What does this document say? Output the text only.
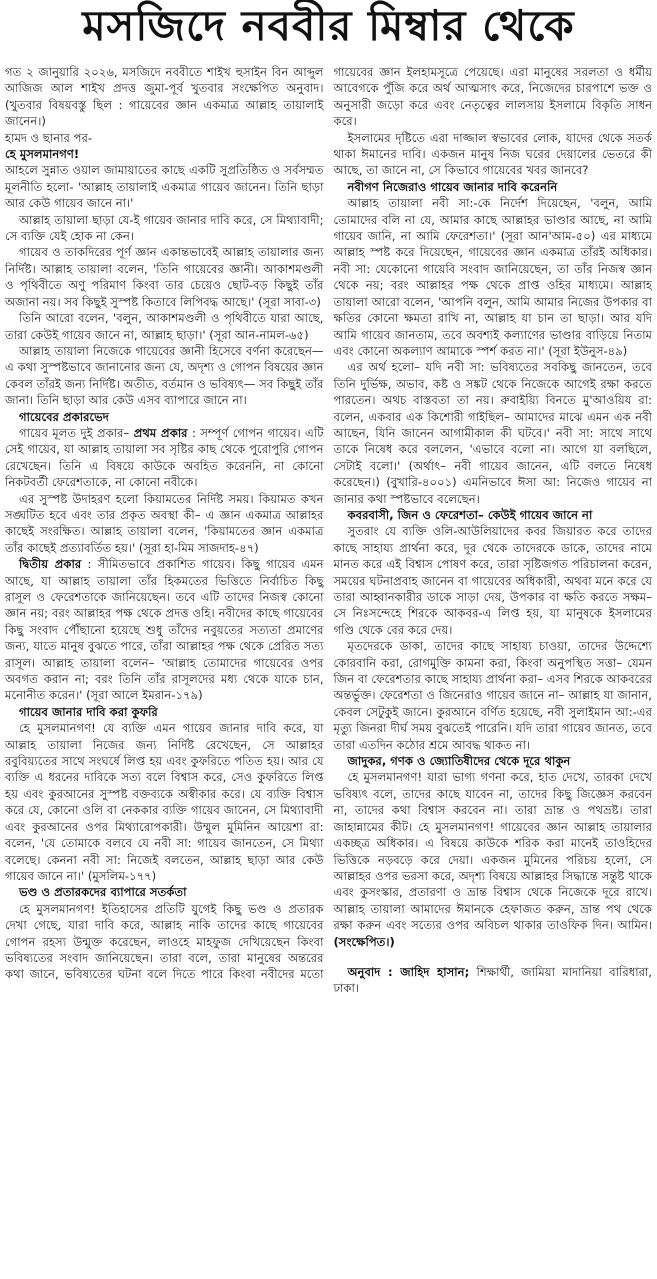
মসজিদে নববীর মিম্বার থেকে

গত ২ জানুয়ারি ২০২৬, মসজিদে নববীতে শাইখ হুসাইন বিন আব্দুল আজিজ আল শাইখ প্রদত্ত জুমা-পূর্ব খুতবার সংক্ষেপিত অনুবাদ। (খুতবার বিষয়বস্তু ছিল : গায়েবের জ্ঞান একমাত্র আল্লাহ তায়ালাই জানেন।)

হামদ ও ছানার পর-

হে মুসলমানগণ!

আহলে সুন্নাত ওয়াল জামায়াতের কাছে একটি সুপ্রতিষ্ঠিত ও সর্বসম্মত মূলনীতি হলো- 'আল্লাহ তায়ালাই একমাত্র গায়েব জানেন। তিনি ছাড়া আর কেউ গায়েব জানে না।'

আল্লাহ তায়ালা ছাড়া যে-ই গায়েব জানার দাবি করে, সে মিথ্যাবাদী; সে ব্যক্তি যেই হোক না কেন।

গায়েব ও তাকদিরের পূর্ণ জ্ঞান একান্তভাবেই আল্লাহ তায়ালার জন্য নির্দিষ্ট। আল্লাহ তায়ালা বলেন, 'তিনি গায়েবের জ্ঞানী। আকাশমণ্ডলী ও পৃথিবীতে অণু পরিমাণ কিংবা তার চেয়েও ছোট-বড় কিছুই তাঁর অজানা নয়। সব কিছুই সুস্পষ্ট কিতাবে লিপিবদ্ধ আছে।' (সূরা সাবা-৩)

তিনি আরো বলেন, 'বলুন, আকাশমণ্ডলী ও পৃথিবীতে যারা আছে, তারা কেউই গায়েব জানে না, আল্লাহ ছাড়া।' (সূরা আন-নামল-৬৫)

আল্লাহ তায়ালা নিজেকে গায়েবের জ্ঞানী হিসেবে বর্ণনা করেছেন— এ কথা সুস্পষ্টভাবে জানানোর জন্য যে, অদৃশ্য ও গোপন বিষয়ের জ্ঞান কেবল তাঁরই জন্য নির্দিষ্ট। অতীত, বর্তমান ও ভবিষ্যৎ— সব কিছুই তাঁর জানা। তিনি ছাড়া আর কেউ এসব ব্যাপারে জানে না।

গায়েবের প্রকারভেদ

গায়েব মূলত দুই প্রকার– প্রথম প্রকার : সম্পূর্ণ গোপন গায়েব। এটি সেই গায়েব, যা আল্লাহ তায়ালা সব সৃষ্টির কাছ থেকে পুরোপুরি গোপন রেখেছেন। তিনি এ বিষয়ে কাউকে অবহিত করেননি, না কোনো নিকটবর্তী ফেরেশতাকে, না কোনো নবীকে।

এর সুস্পষ্ট উদাহরণ হলো কিয়ামতের নির্দিষ্ট সময়। কিয়ামত কখন সঙ্ঘটিত হবে এবং তার প্রকৃত অবস্থা কী– এ জ্ঞান একমাত্র আল্লাহর কাছেই সংরক্ষিত। আল্লাহ তায়ালা বলেন, 'কিয়ামতের জ্ঞান একমাত্র তাঁর কাছেই প্রত্যাবর্তিত হয়।' (সূরা হা-মিম সাজদাহ-৪৭)

দ্বিতীয় প্রকার : সীমিতভাবে প্রকাশিত গায়েব। কিছু গায়েব এমন আছে, যা আল্লাহ তায়ালা তাঁর হিকমতের ভিত্তিতে নির্বাচিত কিছু রাসূল ও ফেরেশতাকে জানিয়েছেন। তবে এটি তাদের নিজস্ব কোনো জ্ঞান নয়; বরং আল্লাহর পক্ষ থেকে প্রদত্ত ওহি। নবীদের কাছে গায়েবের কিছু সংবাদ পৌঁছানো হয়েছে শুধু তাঁদের নবুয়তের সত্যতা প্রমাণের জন্য, যাতে মানুষ বুঝতে পারে, তাঁরা আল্লাহর পক্ষ থেকে প্রেরিত সত্য রাসূল। আল্লাহ তায়ালা বলেন– 'আল্লাহ তোমাদের গায়েবের ওপর অবগত করান না; বরং তিনি তাঁর রাসূলদের মধ্য থেকে যাকে চান, মনোনীত করেন।' (সূরা আলে ইমরান-১৭৯)

গায়েব জানার দাবি করা কুফরি

হে মুসলমানগণ! যে ব্যক্তি এমন গায়েব জানার দাবি করে, যা আল্লাহ তায়ালা নিজের জন্য নির্দিষ্ট রেখেছেন, সে আল্লাহর রবুবিয়্যতের সাথে সংঘর্ষে লিপ্ত হয় এবং কুফরিতে পতিত হয়। আর যে ব্যক্তি এ ধরনের দাবিকে সত্য বলে বিশ্বাস করে, সেও কুফরিতে লিপ্ত হয় এবং কুরআনের সুস্পষ্ট বক্তব্যকে অস্বীকার করে। যে ব্যক্তি বিশ্বাস করে যে, কোনো ওলি বা নেককার ব্যক্তি গায়েব জানেন, সে মিথ্যাবাদী এবং কুরআনের ওপর মিথ্যারোপকারী। উম্মুল মুমিনিন আয়েশা রা: বলেন, 'যে তোমাকে বলবে যে নবী সা: গায়েব জানতেন, সে মিথ্যা বলেছে। কেননা নবী সা: নিজেই বলতেন, আল্লাহ ছাড়া আর কেউ গায়েব জানে না।' (মুসলিম-১৭৭)

ভণ্ড ও প্রতারকদের ব্যাপারে সতর্কতা

হে মুসলমানগণ! ইতিহাসের প্রতিটি যুগেই কিছু ভণ্ড ও প্রতারক দেখা গেছে, যারা দাবি করে, আল্লাহ নাকি তাদের কাছে গায়েবের গোপন রহস্য উন্মুক্ত করেছেন, লাওহে মাহফুজ দেখিয়েছেন কিংবা ভবিষ্যতের সংবাদ জানিয়েছেন। তারা বলে, তারা মানুষের অন্তরের কথা জানে, ভবিষ্যতের ঘটনা বলে দিতে পারে কিংবা নবীদের মতো গায়েবের জ্ঞান ইলহামসূত্রে পেয়েছে। এরা মানুষের সরলতা ও ধর্মীয় আবেগকে পুঁজি করে অর্থ আত্মসাৎ করে, নিজেদের চারপাশে ভক্ত ও অনুসারী জড়ো করে এবং নেতৃত্বের লালসায় ইসলামে বিকৃতি সাধন করে।

ইসলামের দৃষ্টিতে এরা দাজ্জাল স্বভাবের লোক, যাদের থেকে সতর্ক থাকা ঈমানের দাবি। একজন মানুষ নিজ ঘরের দেয়ালের ভেতরে কী আছে, তা জানে না, সে কিভাবে গায়েবের খবর জানবে?

নবীগণ নিজেরাও গায়েব জানার দাবি করেননি

আল্লাহ তায়ালা নবী সা:-কে নির্দেশ দিয়েছেন, 'বলুন, আমি তোমাদের বলি না যে, আমার কাছে আল্লাহর ভাণ্ডার আছে, না আমি গায়েব জানি, না আমি ফেরেশতা।' (সূরা আন'আম-৫০) এর মাধ্যমে আল্লাহ স্পষ্ট করে দিয়েছেন, গায়েবের জ্ঞান একমাত্র তাঁরই অধিকার। নবী সা: যেকোনো গায়েবি সংবাদ জানিয়েছেন, তা তাঁর নিজস্ব জ্ঞান থেকে নয়; বরং আল্লাহর পক্ষ থেকে প্রাপ্ত ওহির মাধ্যমে। আল্লাহ তায়ালা আরো বলেন, 'আপনি বলুন, আমি আমার নিজের উপকার বা ক্ষতির কোনো ক্ষমতা রাখি না, আল্লাহ যা চান তা ছাড়া। আর যদি আমি গায়েব জানতাম, তবে অবশ্যই কল্যাণের ভাণ্ডার বাড়িয়ে নিতাম এবং কোনো অকল্যাণ আমাকে স্পর্শ করত না।' (সূরা ইউনুস-৪৯)

এর অর্থ হলো– যদি নবী সা: ভবিষ্যতের সবকিছু জানতেন, তবে তিনি দুর্ভিক্ষ, অভাব, কষ্ট ও সঙ্কট থেকে নিজেকে আগেই রক্ষা করতে পারতেন। অথচ বাস্তবতা তা নয়। রুবাইয়্যি বিনতে মু'আওয়িয রা: বলেন, একবার এক কিশোরী গাইছিল– আমাদের মাঝে এমন এক নবী আছেন, যিনি জানেন আগামীকাল কী ঘটবে।' নবী সা: সাথে সাথে তাকে নিষেধ করে বললেন, 'এভাবে বলো না। আগে যা বলছিলে, সেটাই বলো।' (অর্থাৎ– নবী গায়েব জানেন, এটি বলতে নিষেধ করেছেন।) (বুখারি-৪০০১) এমনিভাবে ঈসা আ: নিজেও গায়েব না জানার কথা স্পষ্টভাবে বলেছেন।

কবরবাসী, জিন ও ফেরেশতা– কেউই গায়েব জানে না

সুতরাং যে ব্যক্তি ওলি-আউলিয়াদের কবর জিয়ারত করে তাদের কাছে সাহায্য প্রার্থনা করে, দূর থেকে তাদেরকে ডাকে, তাদের নামে মানত করে এই বিশ্বাস পোষণ করে, তারা সৃষ্টিজগত পরিচালনা করেন, সময়ের ঘটনাপ্রবাহ জানেন বা গায়েবের অধিকারী, অথবা মনে করে যে তারা আহ্বানকারীর ডাকে সাড়া দেয়, উপকার বা ক্ষতি করতে সক্ষম– সে নিঃসন্দেহে শিরকে আকবর-এ লিপ্ত হয়, যা মানুষকে ইসলামের গণ্ডি থেকে বের করে দেয়।

মৃতদেরকে ডাকা, তাদের কাছে সাহায্য চাওয়া, তাদের উদ্দেশ্যে কোরবানি করা, রোগমুক্তি কামনা করা, কিংবা অনুপস্থিত সত্তা– যেমন জিন বা ফেরেশতার কাছে সাহায্য প্রার্থনা করা– এসব শিরকে আকবরের অন্তর্ভুক্ত। ফেরেশতা ও জিনেরাও গায়েব জানে না– আল্লাহ যা জানান, কেবল সেটুকুই জানে। কুরআনে বর্ণিত হয়েছে, নবী সুলাইমান আ:-এর মৃত্যু জিনরা দীর্ঘ সময় বুঝতেই পারেনি। যদি তারা গায়েব জানত, তবে তারা এতদিন কঠোর শ্রমে আবদ্ধ থাকত না।

জাদুকর, গণক ও জ্যোতিষীদের থেকে দূরে থাকুন

হে মুসলমানগণ! যারা ভাগ্য গণনা করে, হাত দেখে, তারকা দেখে ভবিষ্যৎ বলে, তাদের কাছে যাবেন না, তাদের কিছু জিজ্ঞেস করবেন না, তাদের কথা বিশ্বাস করবেন না। তারা ভ্রান্ত ও পথভ্রষ্ট। তারা জাহান্নামের কীট। হে মুসলমানগণ! গায়েবের জ্ঞান আল্লাহ তায়ালার একচ্ছত্র অধিকার। এ বিষয়ে কাউকে শরিক করা মানেই তাওহিদের ভিত্তিকে নড়বড়ে করে দেয়া। একজন মুমিনের পরিচয় হলো, সে আল্লাহর ওপর ভরসা করে, অদৃশ্য বিষয়ে আল্লাহর সিদ্ধান্তে সন্তুষ্ট থাকে এবং কুসংস্কার, প্রতারণা ও ভ্রান্ত বিশ্বাস থেকে নিজেকে দূরে রাখে। আল্লাহ তায়ালা আমাদের ঈমানকে হেফাজত করুন, ভ্রান্ত পথ থেকে রক্ষা করুন এবং সত্যের ওপর অবিচল থাকার তাওফিক দিন। আমিন। (সংক্ষেপিত।)

অনুবাদ : জাহিদ হাসান; শিক্ষার্থী, জামিয়া মাদানিয়া বারিধারা, ঢাকা।
